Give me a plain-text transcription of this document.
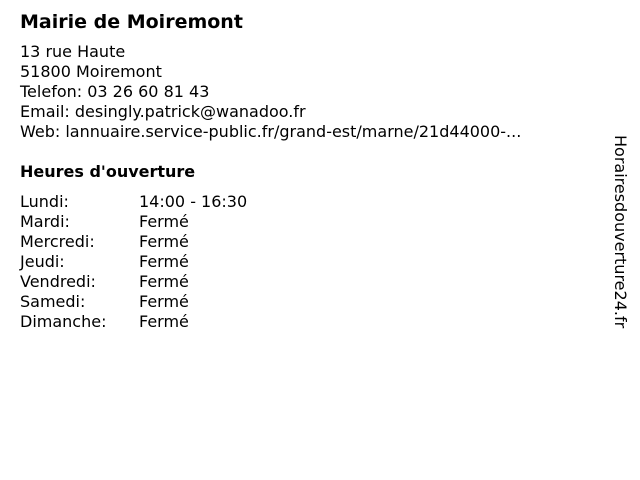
Mairie de Moiremont
13 rue Haute
51800 Moiremont
Telefon: 03 26 60 81 43
Email: desingly.patrick@wanadoo.fr
Web: lannuaire.service-public.fr/grand-est/marne/21d44000-...
Heures d'ouverture
Lundi:	14:00 - 16:30
Mardi:	Fermé
Mercredi:	Fermé
Jeudi:	Fermé
Vendredi:	Fermé
Samedi:	Fermé
Dimanche:	Fermé	Horairesdouverture24.fr
